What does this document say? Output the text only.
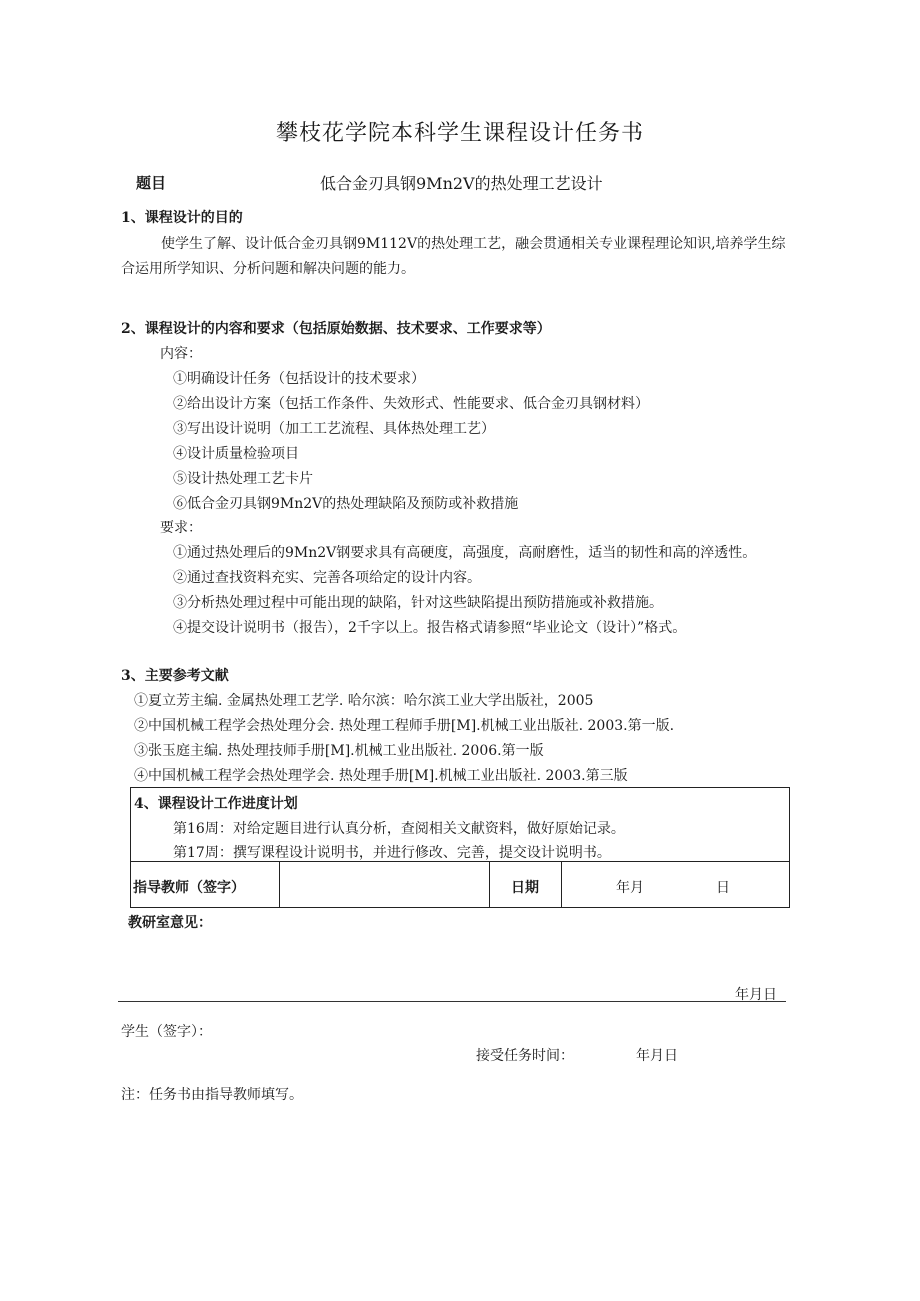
攀枝花学院本科学生课程设计任务书
题目	低合金刃具钢9Mn2V的热处理工艺设计
1、课程设计的目的
使学生了解、设计低合金刃具钢9M112V的热处理工艺，融会贯通相关专业课程理论知识,培养学生综合运用所学知识、分析问题和解决问题的能力。
2、课程设计的内容和要求（包括原始数据、技术要求、工作要求等）
内容：
①明确设计任务（包括设计的技术要求）
②给出设计方案（包括工作条件、失效形式、性能要求、低合金刃具钢材料）
③写出设计说明（加工工艺流程、具体热处理工艺）
④设计质量检验项目
⑤设计热处理工艺卡片
⑥低合金刃具钢9Mn2V的热处理缺陷及预防或补救措施
要求：
①通过热处理后的9Mn2V钢要求具有高硬度，高强度，高耐磨性，适当的韧性和高的淬透性。
②通过查找资料充实、完善各项给定的设计内容。
③分析热处理过程中可能出现的缺陷，针对这些缺陷提出预防措施或补救措施。
④提交设计说明书（报告），2千字以上。报告格式请参照“毕业论文（设计）”格式。
3、主要参考文献
①夏立芳主编. 金属热处理工艺学. 哈尔滨：哈尔滨工业大学出版社，2005
②中国机械工程学会热处理分会. 热处理工程师手册[M].机械工业出版社. 2003.第一版.
③张玉庭主编. 热处理技师手册[M].机械工业出版社. 2006.第一版
④中国机械工程学会热处理学会. 热处理手册[M].机械工业出版社. 2003.第三版
4、课程设计工作进度计划
第16周：对给定题目进行认真分析，查阅相关文献资料，做好原始记录。
第17周：撰写课程设计说明书，并进行修改、完善，提交设计说明书。
指导教师（签字）	日期	年月	日
教研室意见：
年月日
学生（签字）：
接受任务时间：	年月日
注：任务书由指导教师填写。
